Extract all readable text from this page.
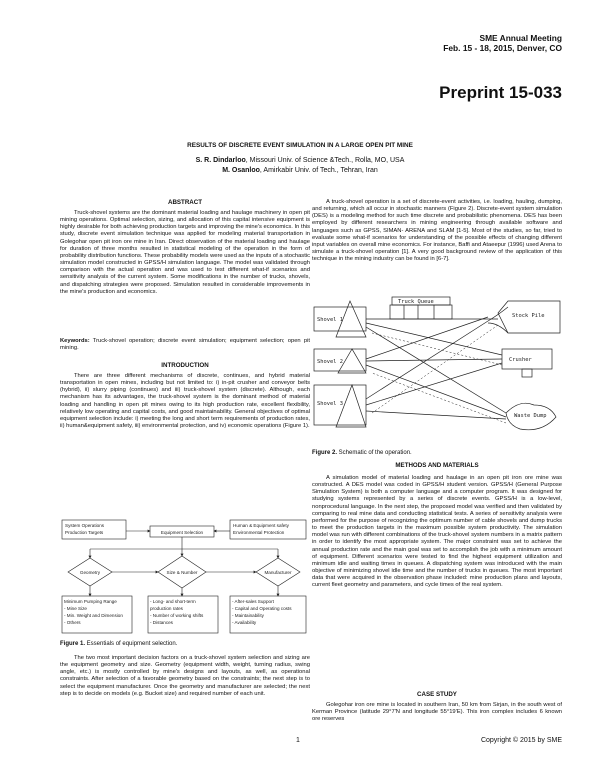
SME Annual Meeting
Feb. 15 - 18, 2015, Denver, CO
Preprint 15-033
RESULTS OF DISCRETE EVENT SIMULATION IN A LARGE OPEN PIT MINE
S. R. Dindarloo, Missouri Univ. of Science &Tech., Rolla, MO, USA
M. Osanloo, Amirkabir Univ. of Tech., Tehran, Iran
ABSTRACT

Truck-shovel systems are the dominant material loading and haulage machinery in open pit mining operations. Optimal selection, sizing, and allocation of this capital intensive equipment is highly desirable for both achieving production targets and improving the mine's economics. In this study, discrete event simulation technique was applied for modeling material transportation in Golegohar open pit iron ore mine in Iran. Direct observation of the material loading and haulage for duration of three months resulted in statistical modeling of the operation in the form of probability distribution functions. These probability models were used as the inputs of a stochastic simulation model constructed in GPSS/H simulation language. The model was validated through comparison with the actual operation and was used to test different what-if scenarios and sensitivity analysis of the current system. Some modifications in the number of trucks, shovels, and dispatching strategies were proposed. Simulation resulted in considerable improvements in the mine's production and economics.

Keywords: Truck-shovel operation; discrete event simulation; equipment selection; open pit mining.

INTRODUCTION

There are three different mechanisms of discrete, continues, and hybrid material transportation in open mines, including but not limited to: i) in-pit crusher and conveyor belts (hybrid), ii) slurry piping (continues) and iii) truck-shovel system (discrete). Although, each mechanism has its advantages, the truck-shovel system is the dominant method of material loading and handling in open pit mines owing to its high production rate, excellent flexibility, relatively low operating and capital costs, and good maintainability. General objectives of optimal equipment selection include: i) meeting the long and short term requirements of production rates, ii) human&equipment safety, iii) environmental protection, and iv) economic operations (Figure 1).

System Operations
Production Targets	Equipment Selection
Human & Equipment safety
Environmental Protection
Geometry	Size & Number	Manufacturer
Minimum Pumping Range
- Mine Size
- Min. Weight and Dimension
- Others
- Long- and short-term
production rates
- Number of working shifts
- Distances
- After-sales Support
- Capital and Operating costs
- Maintainability
- Availability
Figure 1. Essentials of equipment selection.

The two most important decision factors on a truck-shovel system selection and sizing are the equipment geometry and size. Geometry (equipment width, weight, turning radius, swing angle, etc.) is mostly controlled by mine's designs and layouts, as well, as operational constraints. After selection of a favorable geometry based on the constraints; the next step is to select the equipment manufacturer. Once the geometry and manufacturer are selected; the next step is to decide on models (e.g. Bucket size) and required number of each unit.

A truck-shovel operation is a set of discrete-event activities, i.e. loading, hauling, dumping, and returning, which all occur in stochastic manners (Figure 2). Discrete-event system simulation (DES) is a modeling method for such time discrete and probabilistic phenomena. DES has been employed by different researchers in mining engineering through available software and languages such as GPSS, SIMAN- ARENA and SLAM [1-5]. Most of the studies, so far, tried to evaluate some what-if scenarios for understanding of the possible effects of changing different input variables on overall mine economics. For instance, Baffi and Ataeepur (1996) used Arena to simulate a truck-shovel operation [1]. A very good background review of the application of this technique in the mining industry can be found in [6-7].

Truck Queue
Shovel 1
Shovel 2
Shovel 3
Stock Pile
Crusher
Waste Dump
Figure 2. Schematic of the operation.
METHODS AND MATERIALS

A simulation model of material loading and haulage in an open pit iron ore mine was constructed. A DES model was coded in GPSS/H student version. GPSS/H (General Purpose Simulation System) is both a computer language and a computer program. It was designed for studying systems represented by a series of discrete events. GPSS/H is a low-level, nonprocedural language. In the next step, the proposed model was verified and then validated by comparing to real mine data and conducting statistical tests. A series of sensitivity analysis were performed for the purpose of recognizing the optimum number of cable shovels and dump trucks to meet the production targets in the maximum possible system productivity. The simulation model was run with different combinations of the truck-shovel system numbers in a matrix pattern in order to identify the most appropriate system. The major constraint was set to achieve the annual production rate and the main goal was set to accomplish the job with a minimum amount of equipment. Different scenarios were tested to find the highest equipment utilization and minimum idle and waiting times in queues. A dispatching system was introduced with the main objective of minimizing shovel idle time and the number of trucks in queues. The most important data that were acquired in the observation phase included: mine production plans and layouts, current fleet geometry and parameters, and cycle times of the real system.

CASE STUDY

Golegohar iron ore mine is located in southern Iran, 50 km from Sirjan, in the south west of Kerman Province (latitude 29°7'N and longitude 55°19'E). This iron complex includes 6 known ore reserves

1	Copyright © 2015 by SME
